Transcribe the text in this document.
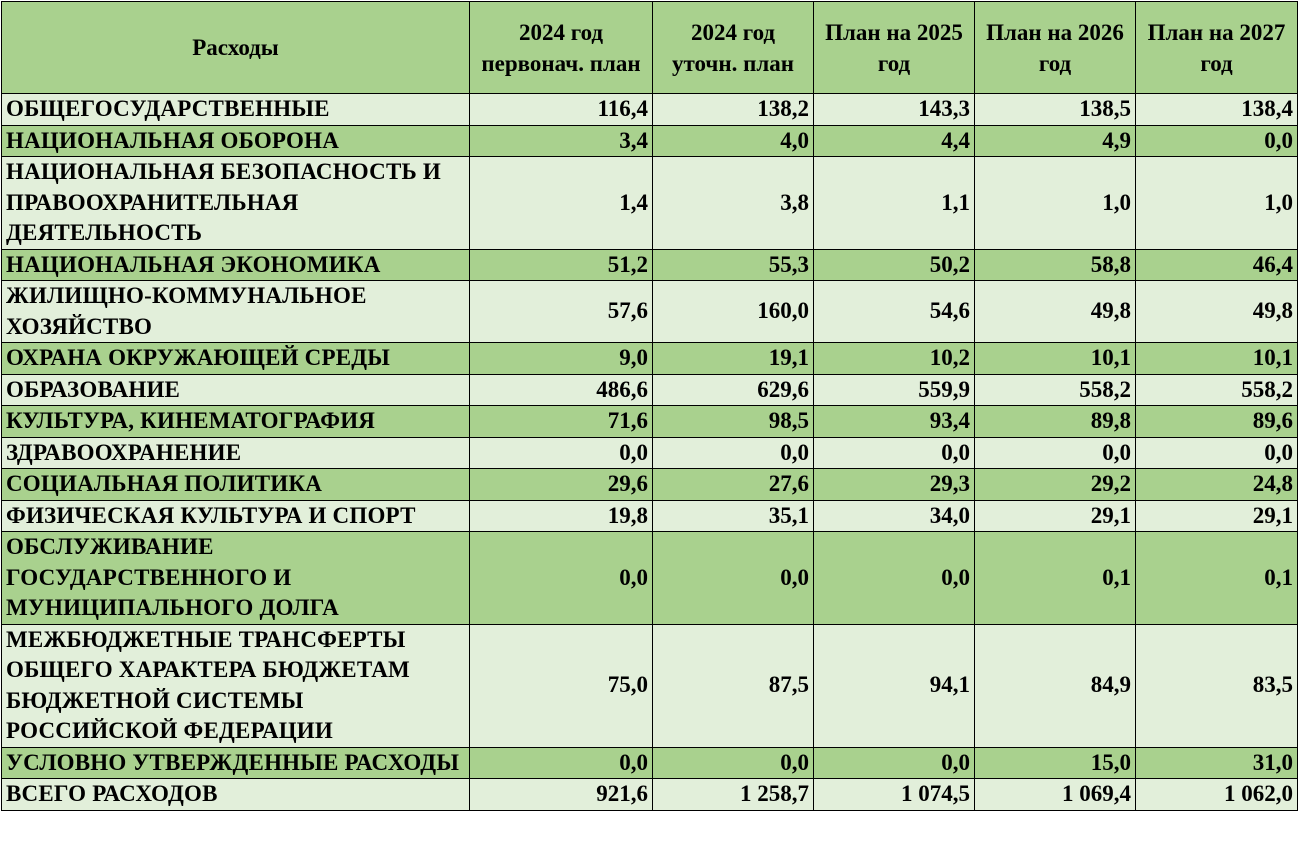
Расходы	2024 год первонач. план	2024 год уточн. план	План на 2025 год	План на 2026 год	План на 2027 год
ОБЩЕГОСУДАРСТВЕННЫЕ	116,4	138,2	143,3	138,5	138,4
НАЦИОНАЛЬНАЯ ОБОРОНА	3,4	4,0	4,4	4,9	0,0
НАЦИОНАЛЬНАЯ БЕЗОПАСНОСТЬ И ПРАВООХРАНИТЕЛЬНАЯ ДЕЯТЕЛЬНОСТЬ	1,4	3,8	1,1	1,0	1,0
НАЦИОНАЛЬНАЯ ЭКОНОМИКА	51,2	55,3	50,2	58,8	46,4
ЖИЛИЩНО-КОММУНАЛЬНОЕ ХОЗЯЙСТВО	57,6	160,0	54,6	49,8	49,8
ОХРАНА ОКРУЖАЮЩЕЙ СРЕДЫ	9,0	19,1	10,2	10,1	10,1
ОБРАЗОВАНИЕ	486,6	629,6	559,9	558,2	558,2
КУЛЬТУРА, КИНЕМАТОГРАФИЯ	71,6	98,5	93,4	89,8	89,6
ЗДРАВООХРАНЕНИЕ	0,0	0,0	0,0	0,0	0,0
СОЦИАЛЬНАЯ ПОЛИТИКА	29,6	27,6	29,3	29,2	24,8
ФИЗИЧЕСКАЯ КУЛЬТУРА И СПОРТ	19,8	35,1	34,0	29,1	29,1
ОБСЛУЖИВАНИЕ ГОСУДАРСТВЕННОГО И МУНИЦИПАЛЬНОГО ДОЛГА	0,0	0,0	0,0	0,1	0,1
МЕЖБЮДЖЕТНЫЕ ТРАНСФЕРТЫ ОБЩЕГО ХАРАКТЕРА БЮДЖЕТАМ БЮДЖЕТНОЙ СИСТЕМЫ РОССИЙСКОЙ ФЕДЕРАЦИИ	75,0	87,5	94,1	84,9	83,5
УСЛОВНО УТВЕРЖДЕННЫЕ РАСХОДЫ	0,0	0,0	0,0	15,0	31,0
ВСЕГО РАСХОДОВ	921,6	1 258,7	1 074,5	1 069,4	1 062,0
